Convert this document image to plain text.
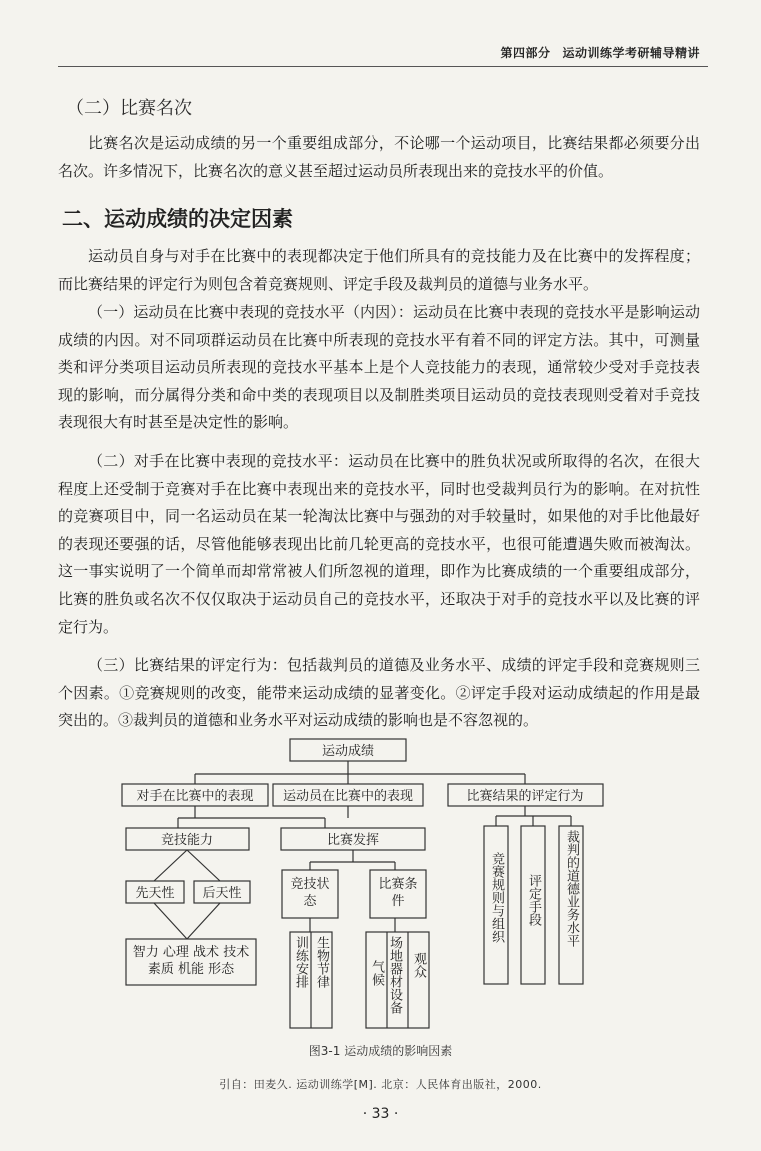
第四部分 运动训练学考研辅导精讲
（二）比赛名次

比赛名次是运动成绩的另一个重要组成部分，不论哪一个运动项目，比赛结果都必须要分出名次。许多情况下，比赛名次的意义甚至超过运动员所表现出来的竞技水平的价值。

二、运动成绩的决定因素

运动员自身与对手在比赛中的表现都决定于他们所具有的竞技能力及在比赛中的发挥程度；而比赛结果的评定行为则包含着竞赛规则、评定手段及裁判员的道德与业务水平。

（一）运动员在比赛中表现的竞技水平（内因）：运动员在比赛中表现的竞技水平是影响运动成绩的内因。对不同项群运动员在比赛中所表现的竞技水平有着不同的评定方法。其中，可测量类和评分类项目运动员所表现的竞技水平基本上是个人竞技能力的表现，通常较少受对手竞技表现的影响，而分属得分类和命中类的表现项目以及制胜类项目运动员的竞技表现则受着对手竞技表现很大有时甚至是决定性的影响。

（二）对手在比赛中表现的竞技水平：运动员在比赛中的胜负状况或所取得的名次，在很大程度上还受制于竞赛对手在比赛中表现出来的竞技水平，同时也受裁判员行为的影响。在对抗性的竞赛项目中，同一名运动员在某一轮淘汰比赛中与强劲的对手较量时，如果他的对手比他最好的表现还要强的话，尽管他能够表现出比前几轮更高的竞技水平，也很可能遭遇失败而被淘汰。这一事实说明了一个简单而却常常被人们所忽视的道理，即作为比赛成绩的一个重要组成部分，比赛的胜负或名次不仅仅取决于运动员自己的竞技水平，还取决于对手的竞技水平以及比赛的评定行为。

（三）比赛结果的评定行为：包括裁判员的道德及业务水平、成绩的评定手段和竞赛规则三个因素。①竞赛规则的改变，能带来运动成绩的显著变化。②评定手段对运动成绩起的作用是最突出的。③裁判员的道德和业务水平对运动成绩的影响也是不容忽视的。

运动成绩
对手在比赛中的表现 运动员在比赛中的表现	比赛结果的评定行为
竞技能力	比赛发挥
先天性 后天性
智力 心理 战术 技术 素质 机能 形态
竞技状态
比赛条件
训练安排 生物节律	气候 场地器材设备 观众
竞赛规则与组织	评定手段	裁判的道德业务水平
图3-1 运动成绩的影响因素
引自：田麦久. 运动训练学[M]. 北京：人民体育出版社，2000.
· 33 ·
